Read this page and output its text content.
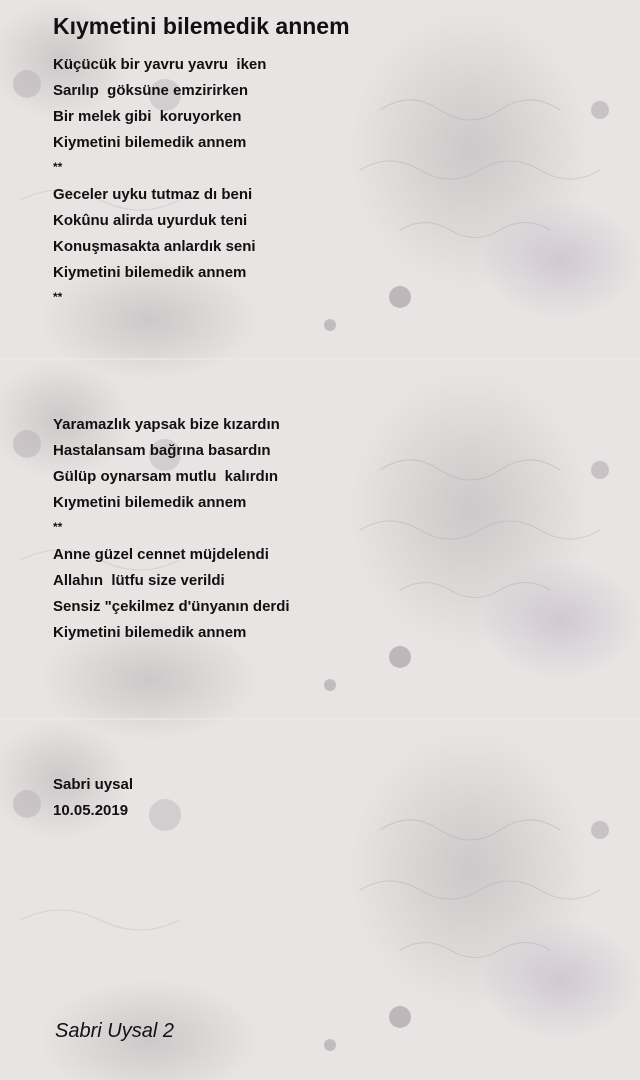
Kıymetini bilemedik annem
Küçücük bir yavru yavru  iken
Sarılıp  göksüne emzirirken
Bir melek gibi  koruyorken
Kiymetini bilemedik annem
**
Geceler uyku tutmaz dı beni
Kokûnu alirda uyurduk teni
Konuşmasakta anlardık seni
Kiymetini bilemedik annem
**
Yaramazlık yapsak bize kızardın
Hastalansam bağrına basardın
Gülüp oynarsam mutlu  kalırdın
Kıymetini bilemedik annem
**
Anne güzel cennet müjdelendi
Allahın  lütfu size verildi
Sensiz "çekilmez d'ünyanın derdi
Kiymetini bilemedik annem
Sabri uysal
10.05.2019
Sabri Uysal 2
